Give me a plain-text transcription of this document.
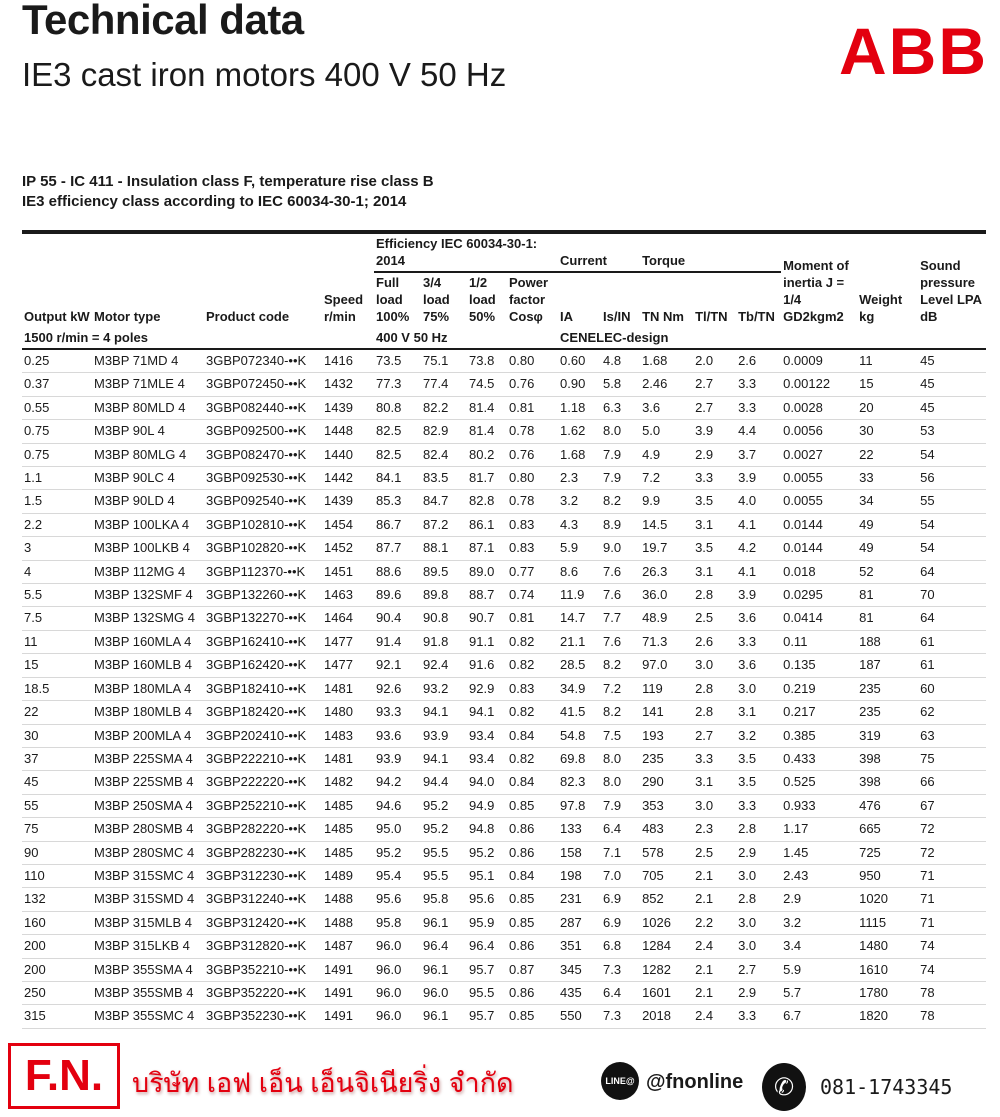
Technical data
IE3 cast iron motors 400 V 50 Hz	ABB
IP 55 - IC 411 - Insulation class F, temperature rise class B
IE3 efficiency class according to IEC 60034-30-1; 2014
Output kW	Motor type	Product code	Speed r/min	Efficiency IEC 60034-30-1: 2014				Current		Torque			Moment of inertia J = 1/4 GD2kgm2	Weight kg	Sound pressure Level LPA dB
				Full load 100%	3/4 load 75%	1/2 load 50%	Power factor Cosφ	IA	Is/IN	TN Nm	Tl/TN	Tb/TN			
1500 r/min = 4 poles				400 V 50 Hz				CENELEC-design							
0.25	M3BP 71MD 4	3GBP072340-••K	1416	73.5	75.1	73.8	0.80	0.60	4.8	1.68	2.0	2.6	0.0009	11	45
0.37	M3BP 71MLE 4	3GBP072450-••K	1432	77.3	77.4	74.5	0.76	0.90	5.8	2.46	2.7	3.3	0.00122	15	45
0.55	M3BP 80MLD 4	3GBP082440-••K	1439	80.8	82.2	81.4	0.81	1.18	6.3	3.6	2.7	3.3	0.0028	20	45
0.75	M3BP 90L 4	3GBP092500-••K	1448	82.5	82.9	81.4	0.78	1.62	8.0	5.0	3.9	4.4	0.0056	30	53
0.75	M3BP 80MLG 4	3GBP082470-••K	1440	82.5	82.4	80.2	0.76	1.68	7.9	4.9	2.9	3.7	0.0027	22	54
1.1	M3BP 90LC 4	3GBP092530-••K	1442	84.1	83.5	81.7	0.80	2.3	7.9	7.2	3.3	3.9	0.0055	33	56
1.5	M3BP 90LD 4	3GBP092540-••K	1439	85.3	84.7	82.8	0.78	3.2	8.2	9.9	3.5	4.0	0.0055	34	55
2.2	M3BP 100LKA 4	3GBP102810-••K	1454	86.7	87.2	86.1	0.83	4.3	8.9	14.5	3.1	4.1	0.0144	49	54
3	M3BP 100LKB 4	3GBP102820-••K	1452	87.7	88.1	87.1	0.83	5.9	9.0	19.7	3.5	4.2	0.0144	49	54
4	M3BP 112MG 4	3GBP112370-••K	1451	88.6	89.5	89.0	0.77	8.6	7.6	26.3	3.1	4.1	0.018	52	64
5.5	M3BP 132SMF 4	3GBP132260-••K	1463	89.6	89.8	88.7	0.74	11.9	7.6	36.0	2.8	3.9	0.0295	81	70
7.5	M3BP 132SMG 4	3GBP132270-••K	1464	90.4	90.8	90.7	0.81	14.7	7.7	48.9	2.5	3.6	0.0414	81	64
11	M3BP 160MLA 4	3GBP162410-••K	1477	91.4	91.8	91.1	0.82	21.1	7.6	71.3	2.6	3.3	0.11	188	61
15	M3BP 160MLB 4	3GBP162420-••K	1477	92.1	92.4	91.6	0.82	28.5	8.2	97.0	3.0	3.6	0.135	187	61
18.5	M3BP 180MLA 4	3GBP182410-••K	1481	92.6	93.2	92.9	0.83	34.9	7.2	119	2.8	3.0	0.219	235	60
22	M3BP 180MLB 4	3GBP182420-••K	1480	93.3	94.1	94.1	0.82	41.5	8.2	141	2.8	3.1	0.217	235	62
30	M3BP 200MLA 4	3GBP202410-••K	1483	93.6	93.9	93.4	0.84	54.8	7.5	193	2.7	3.2	0.385	319	63
37	M3BP 225SMA 4	3GBP222210-••K	1481	93.9	94.1	93.4	0.82	69.8	8.0	235	3.3	3.5	0.433	398	75
45	M3BP 225SMB 4	3GBP222220-••K	1482	94.2	94.4	94.0	0.84	82.3	8.0	290	3.1	3.5	0.525	398	66
55	M3BP 250SMA 4	3GBP252210-••K	1485	94.6	95.2	94.9	0.85	97.8	7.9	353	3.0	3.3	0.933	476	67
75	M3BP 280SMB 4	3GBP282220-••K	1485	95.0	95.2	94.8	0.86	133	6.4	483	2.3	2.8	1.17	665	72
90	M3BP 280SMC 4	3GBP282230-••K	1485	95.2	95.5	95.2	0.86	158	7.1	578	2.5	2.9	1.45	725	72
110	M3BP 315SMC 4	3GBP312230-••K	1489	95.4	95.5	95.1	0.84	198	7.0	705	2.1	3.0	2.43	950	71
132	M3BP 315SMD 4	3GBP312240-••K	1488	95.6	95.8	95.6	0.85	231	6.9	852	2.1	2.8	2.9	1020	71
160	M3BP 315MLB 4	3GBP312420-••K	1488	95.8	96.1	95.9	0.85	287	6.9	1026	2.2	3.0	3.2	1115	71
200	M3BP 315LKB 4	3GBP312820-••K	1487	96.0	96.4	96.4	0.86	351	6.8	1284	2.4	3.0	3.4	1480	74
200	M3BP 355SMA 4	3GBP352210-••K	1491	96.0	96.1	95.7	0.87	345	7.3	1282	2.1	2.7	5.9	1610	74
250	M3BP 355SMB 4	3GBP352220-••K	1491	96.0	96.0	95.5	0.86	435	6.4	1601	2.1	2.9	5.7	1780	78
315	M3BP 355SMC 4	3GBP352230-••K	1491	96.0	96.1	95.7	0.85	550	7.3	2018	2.4	3.3	6.7	1820	78
F.N.	บริษัท เอฟ เอ็น เอ็นจิเนียริ่ง จำกัด	LINE@ @fnonline	✆	081-1743345
